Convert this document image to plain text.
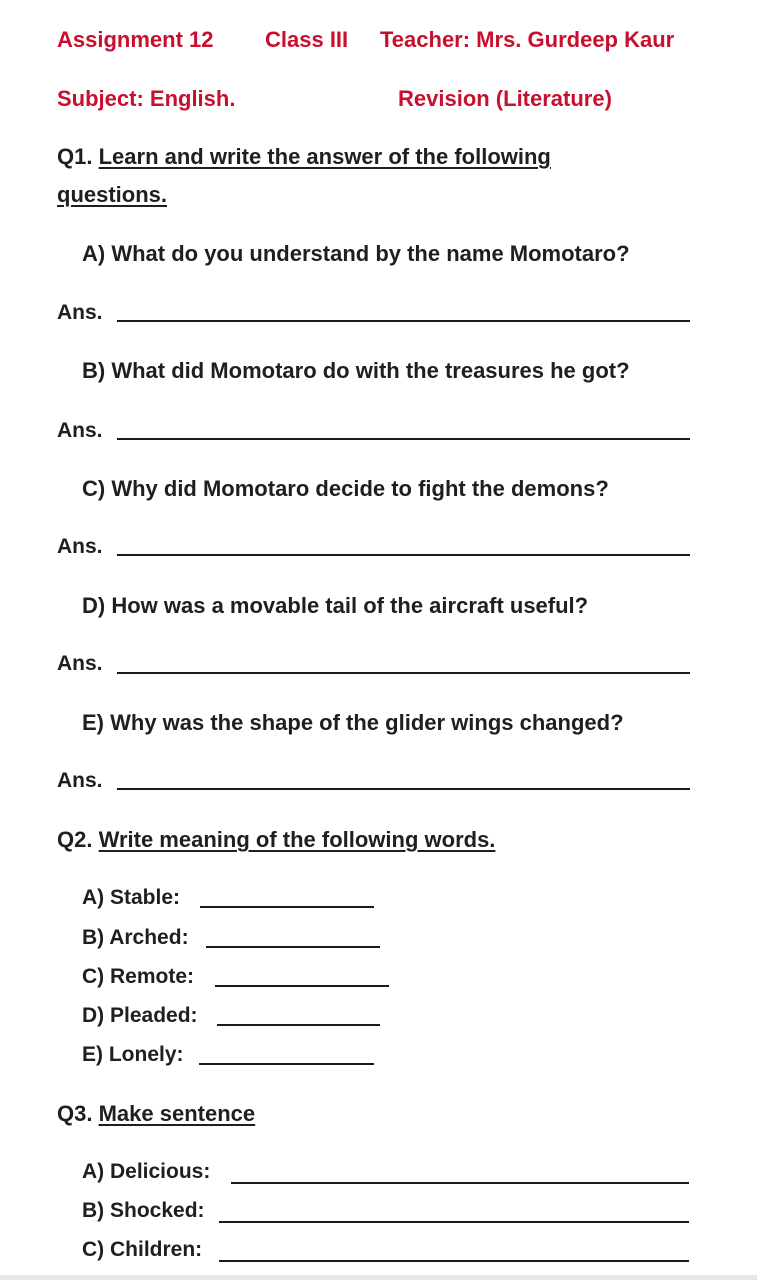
Assignment 12 Class III Teacher: Mrs. Gurdeep Kaur
Subject: English.	Revision (Literature)
Q1. Learn and write the answer of the following
questions.
A) What do you understand by the name Momotaro?
Ans.
B) What did Momotaro do with the treasures he got?
Ans.
C) Why did Momotaro decide to fight the demons?
Ans.
D) How was a movable tail of the aircraft useful?
Ans.
E) Why was the shape of the glider wings changed?
Ans.
Q2. Write meaning of the following words.
A) Stable:
B) Arched:
C) Remote:
D) Pleaded:
E) Lonely:
Q3. Make sentence
A) Delicious:
B) Shocked:
C) Children:
